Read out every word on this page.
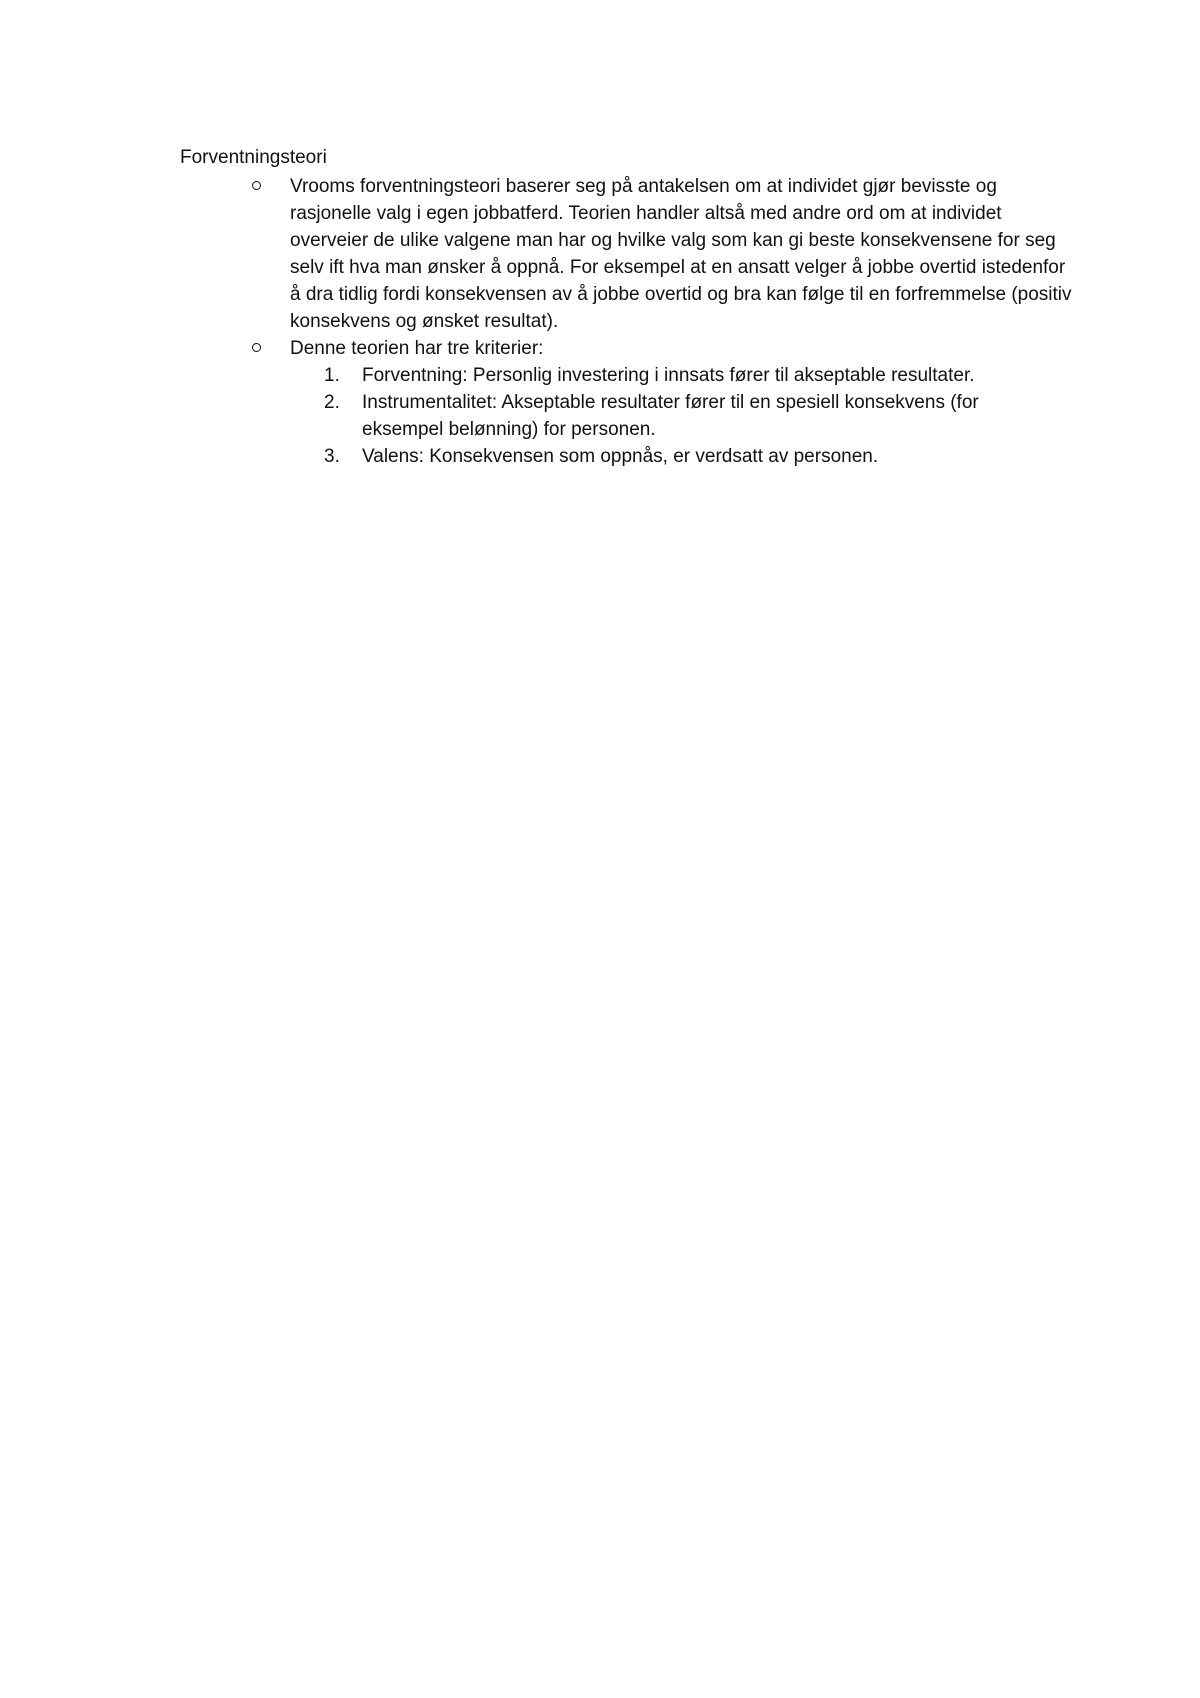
Forventningsteori

Vrooms forventningsteori baserer seg på antakelsen om at individet gjør bevisste og rasjonelle valg i egen jobbatferd. Teorien handler altså med andre ord om at individet overveier de ulike valgene man har og hvilke valg som kan gi beste konsekvensene for seg selv ift hva man ønsker å oppnå. For eksempel at en ansatt velger å jobbe overtid istedenfor å dra tidlig fordi konsekvensen av å jobbe overtid og bra kan følge til en forfremmelse (positiv konsekvens og ønsket resultat).
Denne teorien har tre kriterier:
1. Forventning: Personlig investering i innsats fører til akseptable resultater.
2. Instrumentalitet: Akseptable resultater fører til en spesiell konsekvens (for eksempel belønning) for personen.
3. Valens: Konsekvensen som oppnås, er verdsatt av personen.
